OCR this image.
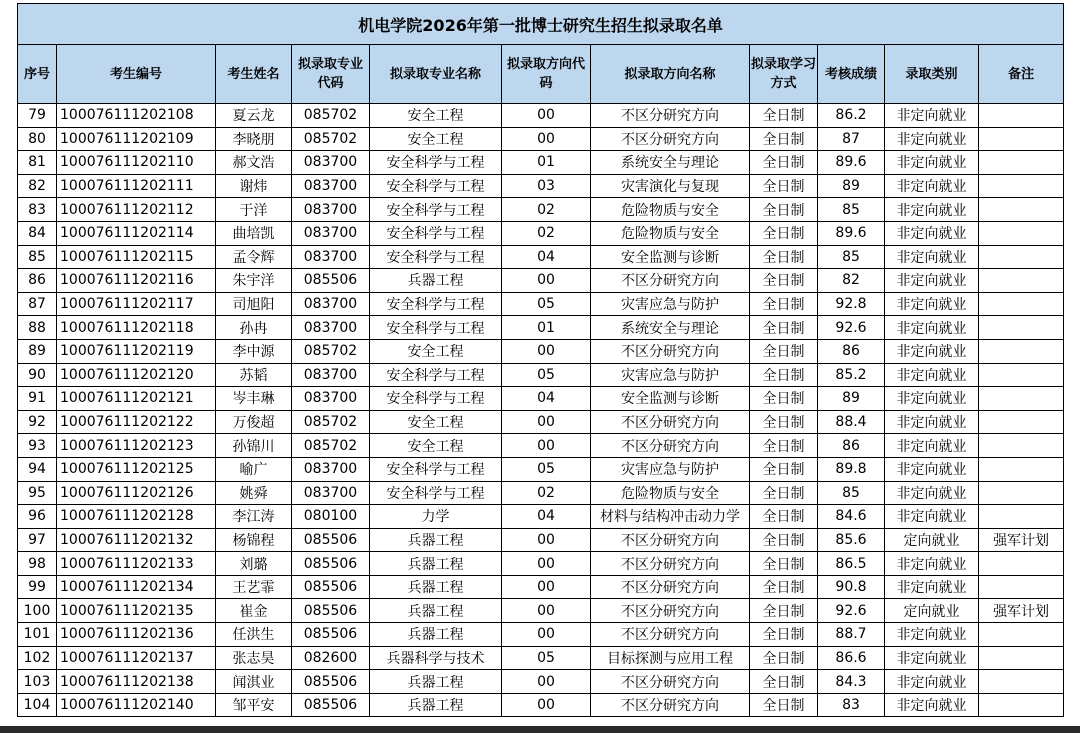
机电学院2026年第一批博士研究生招生拟录取名单										
序号	考生编号	考生姓名	拟录取专业代码	拟录取专业名称	拟录取方向代码	拟录取方向名称	拟录取学习方式	考核成绩	录取类别	备注
79	100076111202108	夏云龙	085702	安全工程	00	不区分研究方向	全日制	86.2	非定向就业	
80	100076111202109	李晓朋	085702	安全工程	00	不区分研究方向	全日制	87	非定向就业	
81	100076111202110	郝文浩	083700	安全科学与工程	01	系统安全与理论	全日制	89.6	非定向就业	
82	100076111202111	谢炜	083700	安全科学与工程	03	灾害演化与复现	全日制	89	非定向就业	
83	100076111202112	于洋	083700	安全科学与工程	02	危险物质与安全	全日制	85	非定向就业	
84	100076111202114	曲培凯	083700	安全科学与工程	02	危险物质与安全	全日制	89.6	非定向就业	
85	100076111202115	孟令辉	083700	安全科学与工程	04	安全监测与诊断	全日制	85	非定向就业	
86	100076111202116	朱宇洋	085506	兵器工程	00	不区分研究方向	全日制	82	非定向就业	
87	100076111202117	司旭阳	083700	安全科学与工程	05	灾害应急与防护	全日制	92.8	非定向就业	
88	100076111202118	孙冉	083700	安全科学与工程	01	系统安全与理论	全日制	92.6	非定向就业	
89	100076111202119	李中源	085702	安全工程	00	不区分研究方向	全日制	86	非定向就业	
90	100076111202120	苏韬	083700	安全科学与工程	05	灾害应急与防护	全日制	85.2	非定向就业	
91	100076111202121	岑丰琳	083700	安全科学与工程	04	安全监测与诊断	全日制	89	非定向就业	
92	100076111202122	万俊超	085702	安全工程	00	不区分研究方向	全日制	88.4	非定向就业	
93	100076111202123	孙锦川	085702	安全工程	00	不区分研究方向	全日制	86	非定向就业	
94	100076111202125	喻广	083700	安全科学与工程	05	灾害应急与防护	全日制	89.8	非定向就业	
95	100076111202126	姚舜	083700	安全科学与工程	02	危险物质与安全	全日制	85	非定向就业	
96	100076111202128	李江涛	080100	力学	04	材料与结构冲击动力学	全日制	84.6	非定向就业	
97	100076111202132	杨锦程	085506	兵器工程	00	不区分研究方向	全日制	85.6	定向就业	强军计划
98	100076111202133	刘璐	085506	兵器工程	00	不区分研究方向	全日制	86.5	非定向就业	
99	100076111202134	王艺霏	085506	兵器工程	00	不区分研究方向	全日制	90.8	非定向就业	
100	100076111202135	崔金	085506	兵器工程	00	不区分研究方向	全日制	92.6	定向就业	强军计划
101	100076111202136	任洪生	085506	兵器工程	00	不区分研究方向	全日制	88.7	非定向就业	
102	100076111202137	张志昊	082600	兵器科学与技术	05	目标探测与应用工程	全日制	86.6	非定向就业	
103	100076111202138	闻淇业	085506	兵器工程	00	不区分研究方向	全日制	84.3	非定向就业	
104	100076111202140	邹平安	085506	兵器工程	00	不区分研究方向	全日制	83	非定向就业	
